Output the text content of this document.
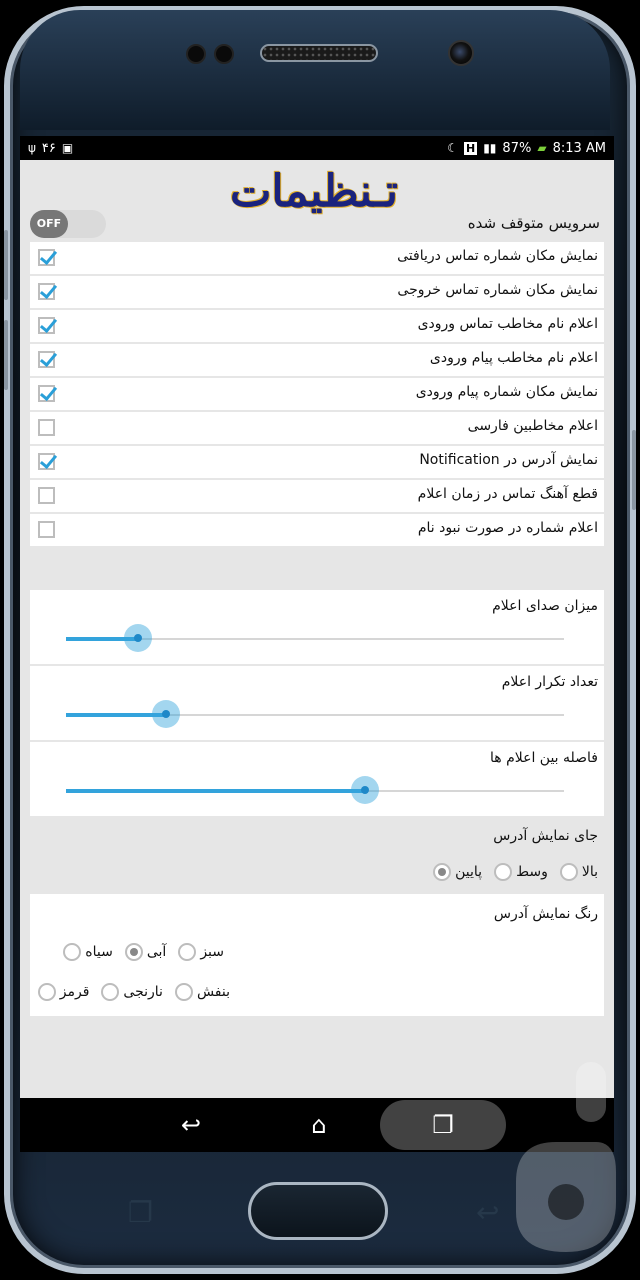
ψ ۴۶ ▣	☾ H ▮▮ 87% ▰ 8:13 AM
تـنظیمات
سرویس متوقف شده
OFF
نمایش مکان شماره تماس دریافتی
نمایش مکان شماره تماس خروجی
اعلام نام مخاطب تماس ورودی
اعلام نام مخاطب پیام ورودی
نمایش مکان شماره پیام ورودی
اعلام مخاطبین فارسی
نمایش آدرس در Notification
قطع آهنگ تماس در زمان اعلام
اعلام شماره در صورت نبود نام
میزان صدای اعلام
تعداد تکرار اعلام
فاصله بین اعلام ها
جای نمایش آدرس
بالا
وسط
پایین
رنگ نمایش آدرس
سبز
آبی
سیاه
بنفش
نارنجی
قرمز
↩	⌂	❐
❐	↩
